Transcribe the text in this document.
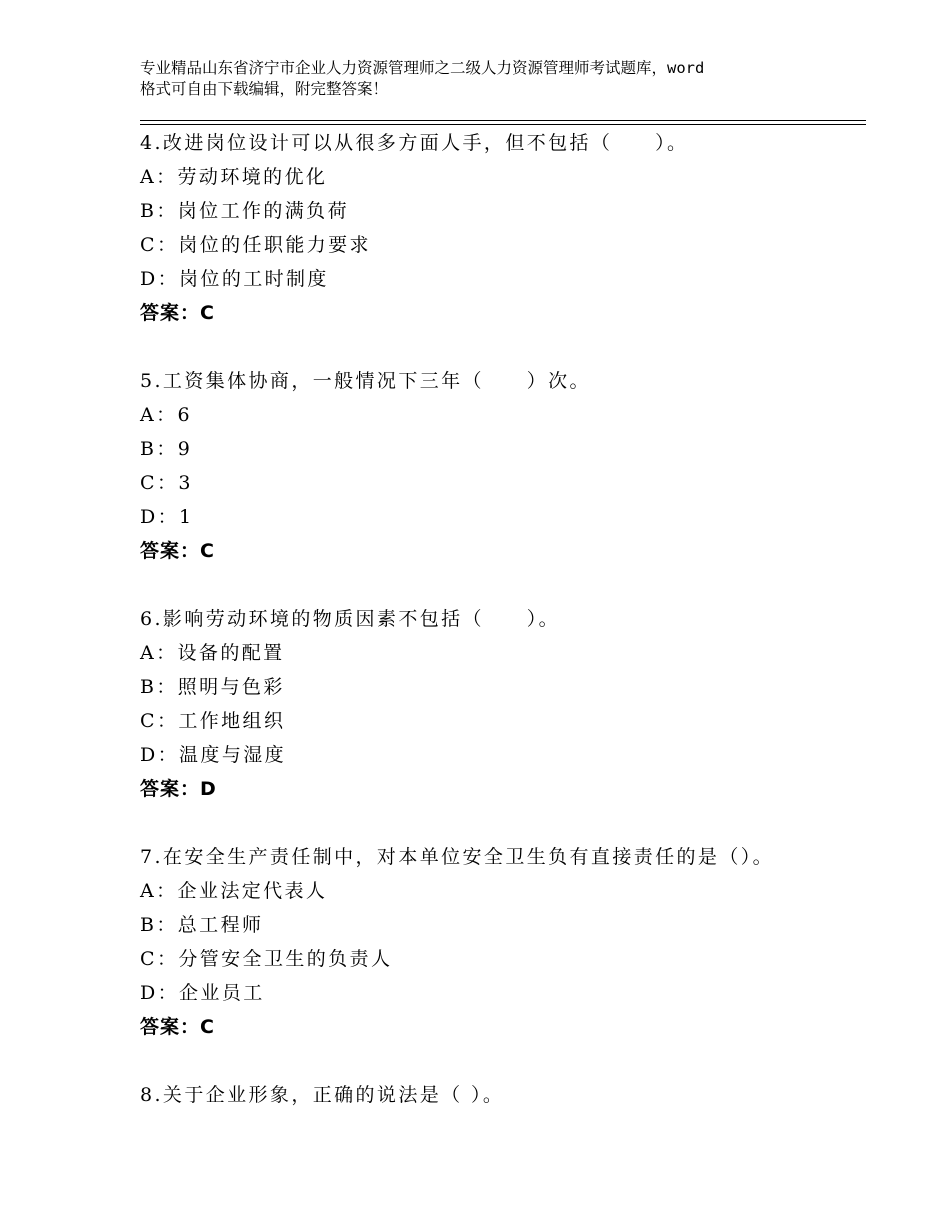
专业精品山东省济宁市企业人力资源管理师之二级人力资源管理师考试题库，word
格式可自由下载编辑，附完整答案！
4.改进岗位设计可以从很多方面人手，但不包括（　　）。
A：劳动环境的优化
B：岗位工作的满负荷
C：岗位的任职能力要求
D：岗位的工时制度
答案：C
5.工资集体协商，一般情况下三年（　　）次。
A：6
B：9
C：3
D：1
答案：C
6.影响劳动环境的物质因素不包括（　　）。
A：设备的配置
B：照明与色彩
C：工作地组织
D：温度与湿度
答案：D
7.在安全生产责任制中，对本单位安全卫生负有直接责任的是（）。
A：企业法定代表人
B：总工程师
C：分管安全卫生的负责人
D：企业员工
答案：C
8.关于企业形象，正确的说法是（ ）。
